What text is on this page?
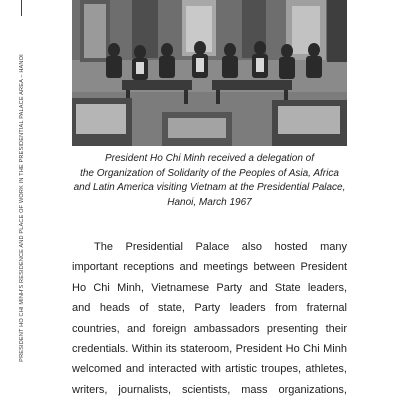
PRESIDENT HO CHI MINH'S RESIDENCE AND PLACE OF WORK IN THE PRESIDENTIAL PALACE AREA – HANOI	President Ho Chi Minh received a delegation of
the Organization of Solidarity of the Peoples of Asia, Africa
and Latin America visiting Vietnam at the Presidential Palace,
Hanoi, March 1967

The Presidential Palace also hosted many
important receptions and meetings between President
Ho Chi Minh, Vietnamese Party and State leaders,
and heads of state, Party leaders from fraternal
countries, and foreign ambassadors presenting their
credentials. Within its stateroom, President Ho Chi Minh
welcomed and interacted with artistic troupes, athletes,
writers, journalists, scientists, mass organizations,
